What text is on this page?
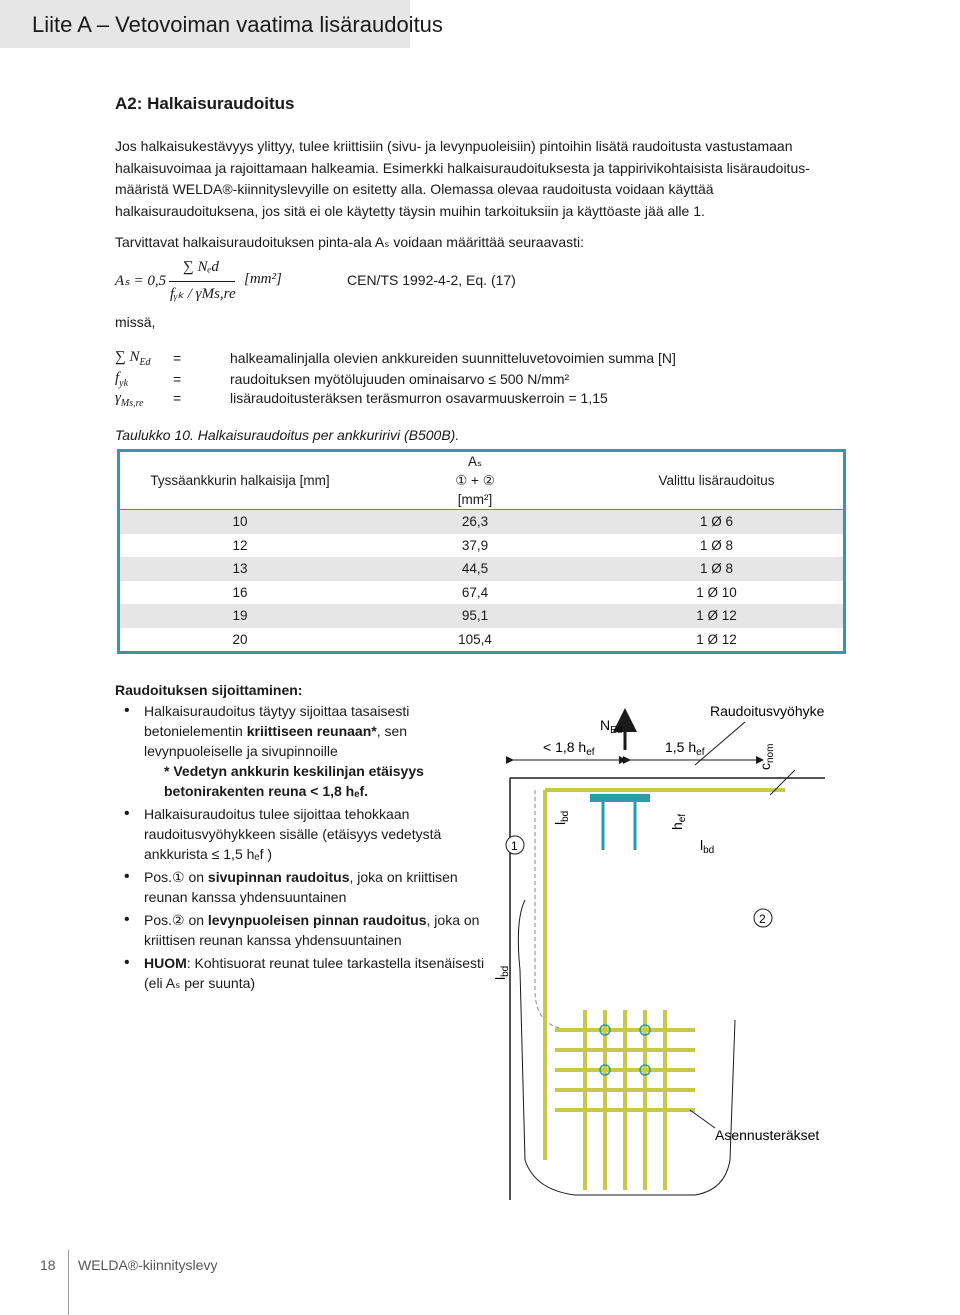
Liite A – Vetovoiman vaatima lisäraudoitus
A2: Halkaisuraudoitus
Jos halkaisukestävyys ylittyy, tulee kriittisiin (sivu- ja levynpuoleisiin) pintoihin lisätä raudoitusta vastustamaan halkaisuvoimaa ja rajoittamaan halkeamia. Esimerkki halkaisuraudoituksesta ja tappirivikohtaisista lisäraudoitus-määristä WELDA®-kiinnityslevyille on esitetty alla. Olemassa olevaa raudoitusta voidaan käyttää halkaisuraudoituksena, jos sitä ei ole käytetty täysin muihin tarkoituksiin ja käyttöaste jää alle 1.
Tarvittavat halkaisuraudoituksen pinta-ala Aₛ voidaan määrittää seuraavasti:
Aₛ = 0,5
∑ Nₑd
fᵧₖ / γMs,re
[mm²]	CEN/TS 1992-4-2, Eq. (17)
missä,
∑ $N_{Ed}$ =	halkeamalinjalla olevien ankkureiden suunnitteluvetovoimien summa [N]
$f_{yk}$	=	raudoituksen myötölujuuden ominaisarvo ≤ 500 N/mm²
$\gamma_{Ms,re}$ =	lisäraudoitusteräksen teräsmurron osavarmuuskerroin = 1,15
Taulukko 10. Halkaisuraudoitus per ankkuririvi (B500B).
Tyssäankkurin halkaisija [mm]	Aₛ
① + ②
[mm²]	Valittu lisäraudoitus
10	26,3	1 Ø 6
12	37,9	1 Ø 8
13	44,5	1 Ø 8
16	67,4	1 Ø 10
19	95,1	1 Ø 12
20	105,4	1 Ø 12
Raudoituksen sijoittaminen:
• Halkaisuraudoitus täytyy sijoittaa tasaisesti betonielementin kriittiseen reunaan*, sen levynpuoleiselle ja sivupinnoille
* Vedetyn ankkurin keskilinjan etäisyys betonirakenten reuna < 1,8 hₑf.
• Halkaisuraudoitus tulee sijoittaa tehokkaan raudoitusvyöhykkeen sisälle (etäisyys vedetystä ankkurista ≤ 1,5 hₑf )
• Pos.① on sivupinnan raudoitus, joka on kriittisen reunan kanssa yhdensuuntainen
• Pos.② on levynpuoleisen pinnan raudoitus, joka on kriittisen reunan kanssa yhdensuuntainen
• HUOM: Kohtisuorat reunat tulee tarkastella itsenäisesti (eli Aₛ per suunta)
$N_{Ed}$
< 1,8 $h_{ef}$	1,5 $h_{ef}$
$c_{nom}$
Raudoitusvyöhyke
$l_{bd}$
$h_{ef}$
$l_{bd}$
$l_{bd}$
1
2
Asennusteräkset
18 WELDA®-kiinnityslevy
